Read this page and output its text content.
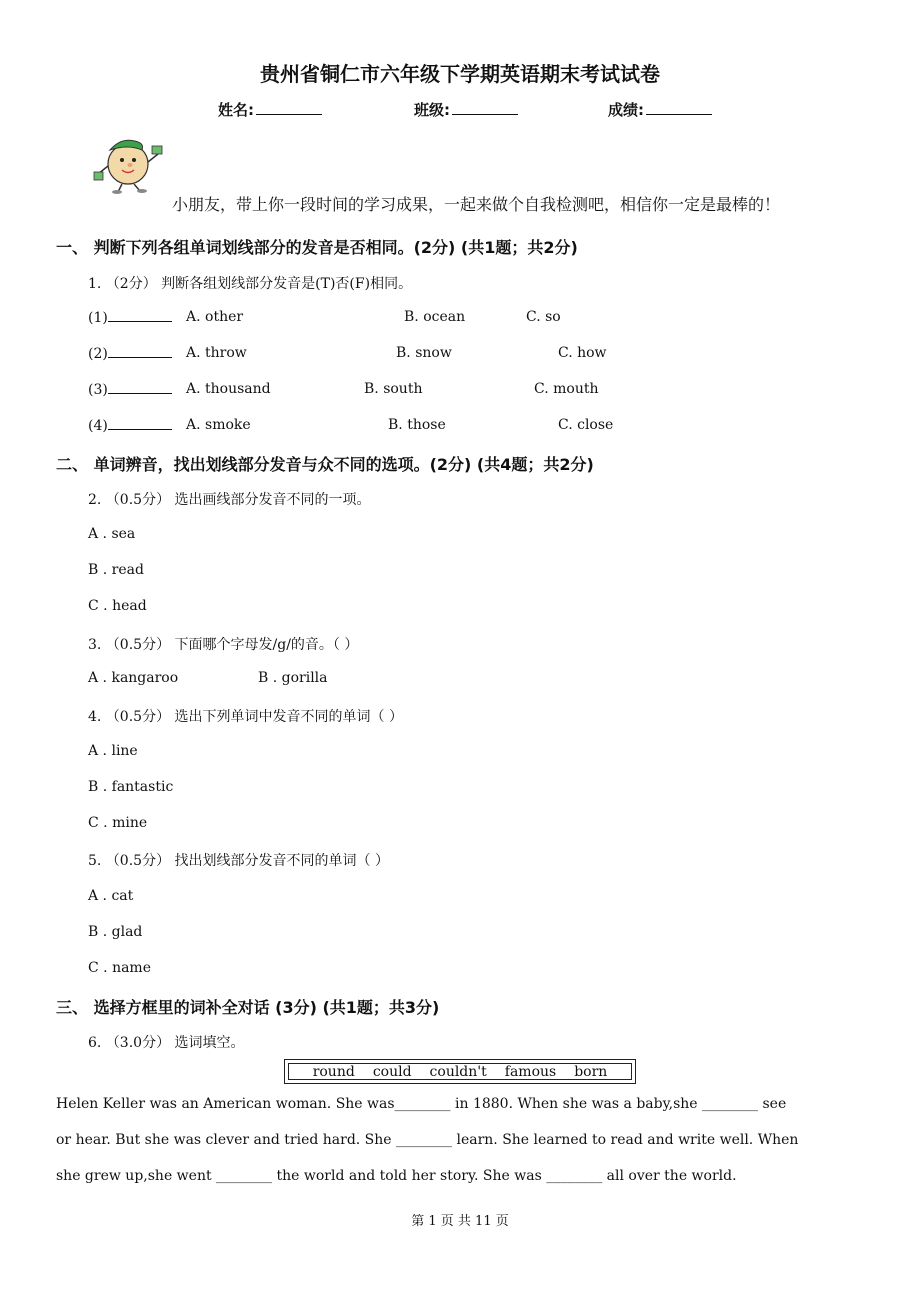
贵州省铜仁市六年级下学期英语期末考试试卷
姓名:	班级:	成绩:
小朋友，带上你一段时间的学习成果，一起来做个自我检测吧，相信你一定是最棒的！
一、 判断下列各组单词划线部分的发音是否相同。(2分) (共1题；共2分)
1. （2分） 判断各组划线部分发音是(T)否(F)相同。
(1)	A. other	B. ocean	C. so
(2)	A. throw	B. snow	C. how
(3)	A. thousand	B. south	C. mouth
(4)	A. smoke	B. those	C. close
二、 单词辨音，找出划线部分发音与众不同的选项。(2分) (共4题；共2分)
2. （0.5分） 选出画线部分发音不同的一项。
A . sea
B . read
C . head
3. （0.5分） 下面哪个字母发/g/的音。（ ）
A . kangaroo	B . gorilla
4. （0.5分） 选出下列单词中发音不同的单词（ ）
A . line
B . fantastic
C . mine
5. （0.5分） 找出划线部分发音不同的单词（ ）
A . cat
B . glad
C . name
三、 选择方框里的词补全对话 (3分) (共1题；共3分)
6. （3.0分） 选词填空。
round could couldn't famous born
Helen Keller was an American woman. She was________ in 1880. When she was a baby,she ________ see
or hear. But she was clever and tried hard. She ________ learn. She learned to read and write well. When
she grew up,she went ________ the world and told her story. She was ________ all over the world.
第 1 页 共 11 页
